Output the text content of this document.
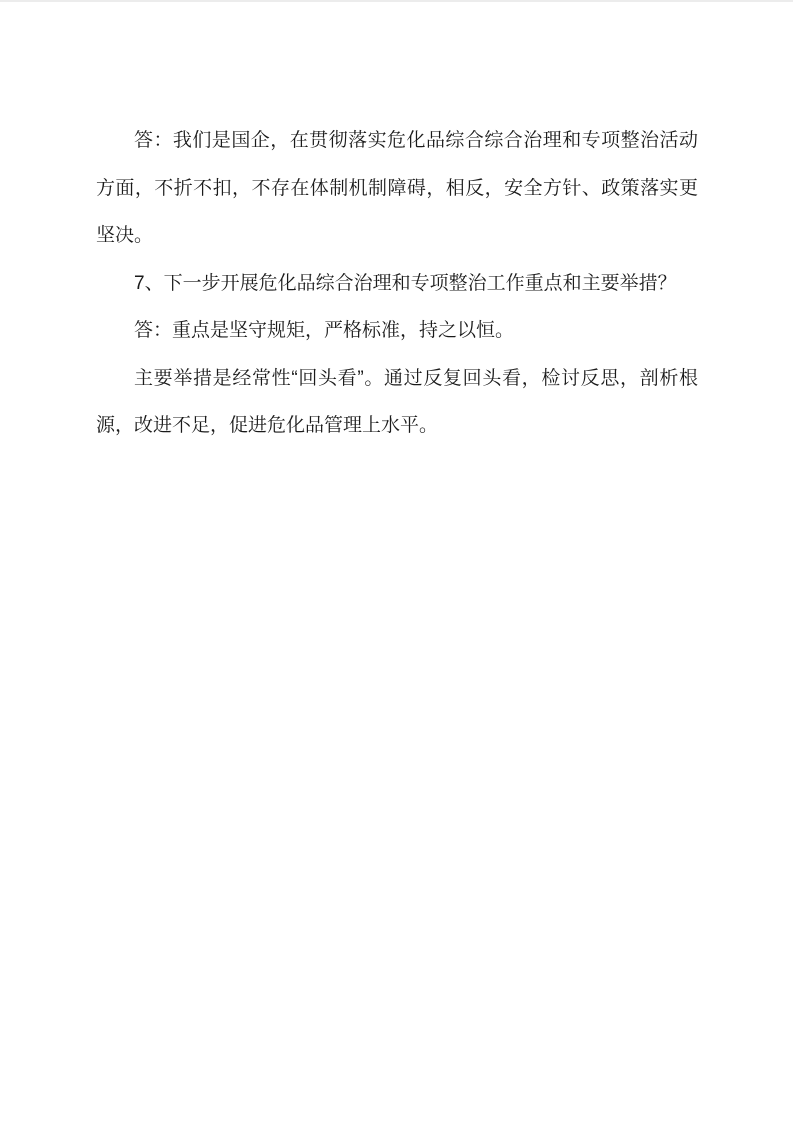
答：我们是国企，在贯彻落实危化品综合综合治理和专项整治活动方面，不折不扣，不存在体制机制障碍，相反，安全方针、政策落实更坚决。

7、下一步开展危化品综合治理和专项整治工作重点和主要举措？

答：重点是坚守规矩，严格标准，持之以恒。

主要举措是经常性“回头看”。通过反复回头看，检讨反思，剖析根源，改进不足，促进危化品管理上水平。
